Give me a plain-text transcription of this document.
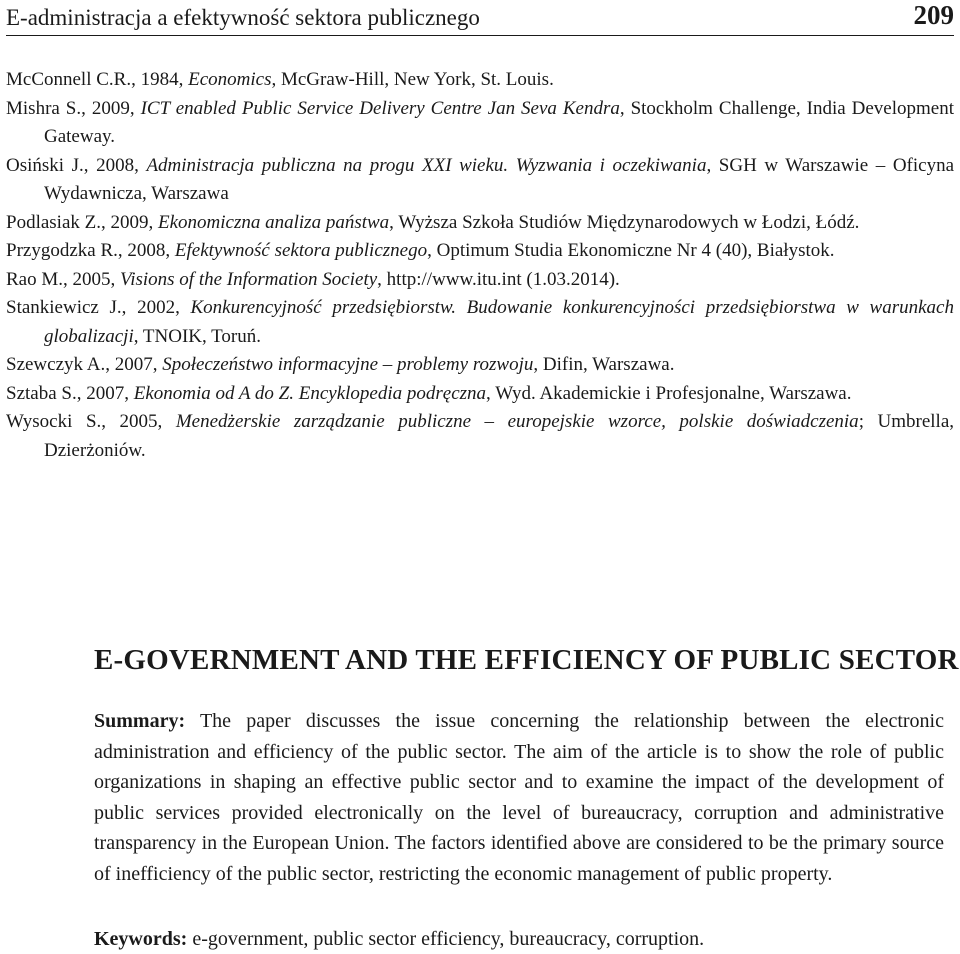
E-administracja a efektywność sektora publicznego	209
McConnell C.R., 1984, Economics, McGraw-Hill, New York, St. Louis.
Mishra S., 2009, ICT enabled Public Service Delivery Centre Jan Seva Kendra, Stockholm Challenge, India Development Gateway.
Osiński J., 2008, Administracja publiczna na progu XXI wieku. Wyzwania i oczekiwania, SGH w Warszawie – Oficyna Wydawnicza, Warszawa
Podlasiak Z., 2009, Ekonomiczna analiza państwa, Wyższa Szkoła Studiów Międzynarodowych w Łodzi, Łódź.
Przygodzka R., 2008, Efektywność sektora publicznego, Optimum Studia Ekonomiczne Nr 4 (40), Białystok.
Rao M., 2005, Visions of the Information Society, http://www.itu.int (1.03.2014).
Stankiewicz J., 2002, Konkurencyjność przedsiębiorstw. Budowanie konkurencyjności przedsiębiorstwa w warunkach globalizacji, TNOIK, Toruń.
Szewczyk A., 2007, Społeczeństwo informacyjne – problemy rozwoju, Difin, Warszawa.
Sztaba S., 2007, Ekonomia od A do Z. Encyklopedia podręczna, Wyd. Akademickie i Profesjonalne, Warszawa.
Wysocki S., 2005, Menedżerskie zarządzanie publiczne – europejskie wzorce, polskie doświadczenia; Umbrella, Dzierżoniów.
E-GOVERNMENT AND THE EFFICIENCY OF PUBLIC SECTOR
Summary: The paper discusses the issue concerning the relationship between the electronic administration and efficiency of the public sector. The aim of the article is to show the role of public organizations in shaping an effective public sector and to examine the impact of the development of public services provided electronically on the level of bureaucracy, corruption and administrative transparency in the European Union. The factors identified above are considered to be the primary source of inefficiency of the public sector, restricting the economic management of public property.
Keywords: e-government, public sector efficiency, bureaucracy, corruption.
